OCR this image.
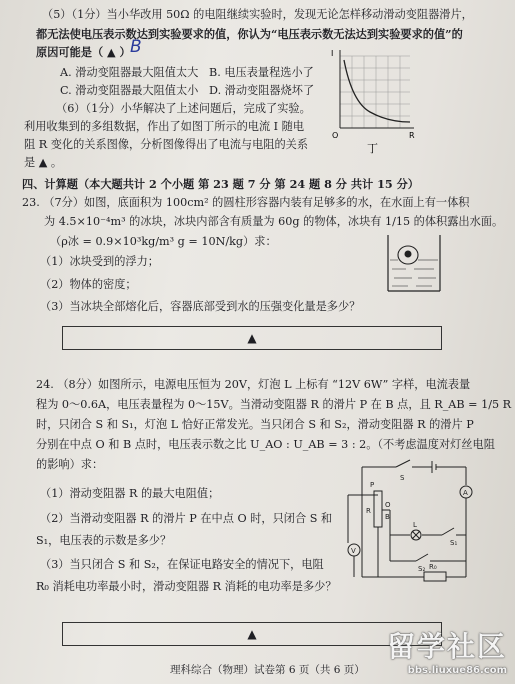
（5）（1分）当小华改用 50Ω 的电阻继续实验时，发现无论怎样移动滑动变阻器滑片，
都无法使电压表示数达到实验要求的值，你认为“电压表示数无法达到实验要求的值”的
原因可能是（ ▲ ） B
A. 滑动变阻器最大阻值太大 B. 电压表量程选小了
C. 滑动变阻器最大阻值太小 D. 滑动变阻器烧坏了
（6）（1分）小华解决了上述问题后，完成了实验。
利用收集到的多组数据，作出了如图丁所示的电流 I 随电
阻 R 变化的关系图像，分析图像得出了电流与电阻的关系
是 ▲ 。
I
R
O
丁
四、计算题（本大题共计 2 个小题 第 23 题 7 分 第 24 题 8 分 共计 15 分）
23. （7分）如图，底面积为 100cm² 的圆柱形容器内装有足够多的水，在水面上有一体积
为 4.5×10⁻⁴m³ 的冰块，冰块内部含有质量为 60g 的物体，冰块有 1/15 的体积露出水面。
（ρ冰 = 0.9×10³kg/m³ g = 10N/kg）求：
（1）冰块受到的浮力；
（2）物体的密度；
（3）当冰块全部熔化后，容器底部受到水的压强变化量是多少？
▲
24. （8分）如图所示，电源电压恒为 20V，灯泡 L 上标有 “12V 6W” 字样，电流表量
程为 0～0.6A，电压表量程为 0～15V。当滑动变阻器 R 的滑片 P 在 B 点，且 R_AB = 1/5 R
时，只闭合 S 和 S₁，灯泡 L 恰好正常发光。当只闭合 S 和 S₂，滑动变阻器 R 的滑片 P
分别在中点 O 和 B 点时，电压表示数之比 U_AO : U_AB = 3 : 2。（不考虑温度对灯丝电阻
的影响）求：
（1）滑动变阻器 R 的最大电阻值；
（2）当滑动变阻器 R 的滑片 P 在中点 O 时，只闭合 S 和
S₁，电压表的示数是多少？
（3）当只闭合 S 和 S₂，在保证电路安全的情况下，电阻
R₀ 消耗电功率最小时，滑动变阻器 R 消耗的电功率是多少？
S
A
P
R
O
B
L
S₁
V
S₂ R₀
▲
理科综合（物理）试卷第 6 页（共 6 页）
留学社区
bbs.liuxue86.com
